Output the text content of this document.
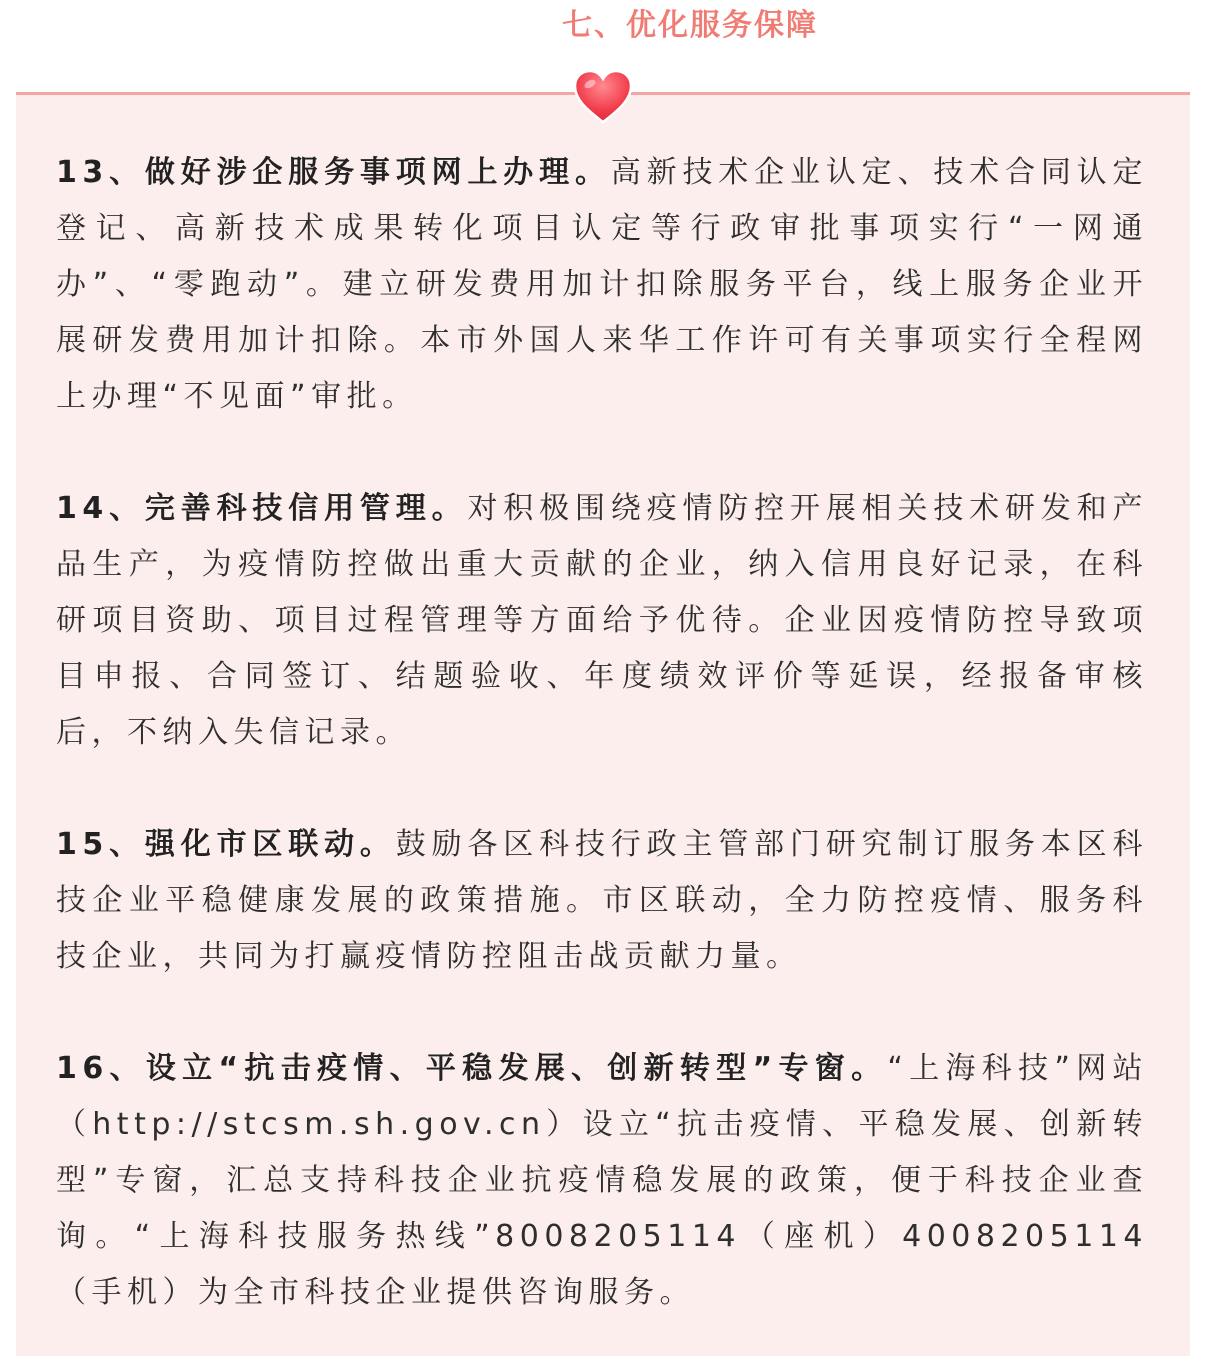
七、优化服务保障

13、做好涉企服务事项网上办理。高新技术企业认定、技术合同认定登记、高新技术成果转化项目认定等行政审批事项实行“一网通办”、“零跑动”。建立研发费用加计扣除服务平台，线上服务企业开展研发费用加计扣除。本市外国人来华工作许可有关事项实行全程网上办理“不见面”审批。

14、完善科技信用管理。对积极围绕疫情防控开展相关技术研发和产品生产，为疫情防控做出重大贡献的企业，纳入信用良好记录，在科研项目资助、项目过程管理等方面给予优待。企业因疫情防控导致项目申报、合同签订、结题验收、年度绩效评价等延误，经报备审核后，不纳入失信记录。

15、强化市区联动。鼓励各区科技行政主管部门研究制订服务本区科技企业平稳健康发展的政策措施。市区联动，全力防控疫情、服务科技企业，共同为打赢疫情防控阻击战贡献力量。

16、设立“抗击疫情、平稳发展、创新转型”专窗。“上海科技”网站（http://stcsm.sh.gov.cn）设立“抗击疫情、平稳发展、创新转型”专窗，汇总支持科技企业抗疫情稳发展的政策，便于科技企业查询。“上海科技服务热线”8008205114（座机）4008205114（手机）为全市科技企业提供咨询服务。
